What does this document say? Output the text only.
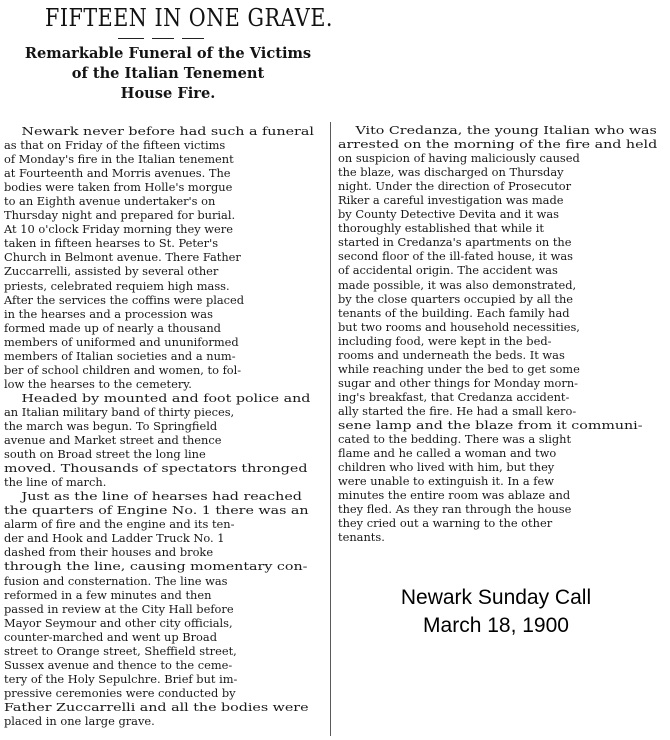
FIFTEEN IN ONE GRAVE.
Remarkable Funeral of the Victims
of the Italian Tenement
House Fire.
Newark never before had such a funeral
as that on Friday of the fifteen victims
of Monday's fire in the Italian tenement
at Fourteenth and Morris avenues. The
bodies were taken from Holle's morgue
to an Eighth avenue undertaker's on
Thursday night and prepared for burial.
At 10 o'clock Friday morning they were
taken in fifteen hearses to St. Peter's
Church in Belmont avenue. There Father
Zuccarrelli, assisted by several other
priests, celebrated requiem high mass.
After the services the coffins were placed
in the hearses and a procession was
formed made up of nearly a thousand
members of uniformed and ununiformed
members of Italian societies and a num-
ber of school children and women, to fol-
low the hearses to the cemetery.
Headed by mounted and foot police and
an Italian military band of thirty pieces,
the march was begun. To Springfield
avenue and Market street and thence
south on Broad street the long line
moved. Thousands of spectators thronged
the line of march.
Just as the line of hearses had reached
the quarters of Engine No. 1 there was an
alarm of fire and the engine and its ten-
der and Hook and Ladder Truck No. 1
dashed from their houses and broke
through the line, causing momentary con-
fusion and consternation. The line was
reformed in a few minutes and then
passed in review at the City Hall before
Mayor Seymour and other city officials,
counter-marched and went up Broad
street to Orange street, Sheffield street,
Sussex avenue and thence to the ceme-
tery of the Holy Sepulchre. Brief but im-
pressive ceremonies were conducted by
Father Zuccarrelli and all the bodies were
placed in one large grave.
Vito Credanza, the young Italian who was
arrested on the morning of the fire and held
on suspicion of having maliciously caused
the blaze, was discharged on Thursday
night. Under the direction of Prosecutor
Riker a careful investigation was made
by County Detective Devita and it was
thoroughly established that while it
started in Credanza's apartments on the
second floor of the ill-fated house, it was
of accidental origin. The accident was
made possible, it was also demonstrated,
by the close quarters occupied by all the
tenants of the building. Each family had
but two rooms and household necessities,
including food, were kept in the bed-
rooms and underneath the beds. It was
while reaching under the bed to get some
sugar and other things for Monday morn-
ing's breakfast, that Credanza accident-
ally started the fire. He had a small kero-
sene lamp and the blaze from it communi-
cated to the bedding. There was a slight
flame and he called a woman and two
children who lived with him, but they
were unable to extinguish it. In a few
minutes the entire room was ablaze and
they fled. As they ran through the house
they cried out a warning to the other
tenants.
Newark Sunday Call
March 18, 1900
